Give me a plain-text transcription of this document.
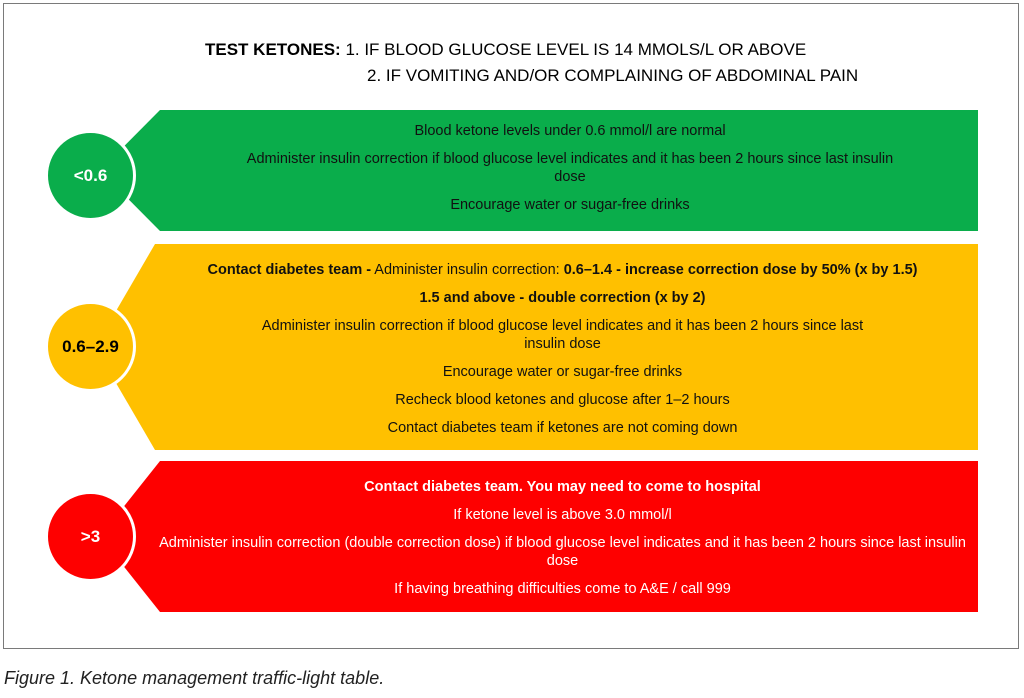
TEST KETONES: 1. IF BLOOD GLUCOSE LEVEL IS 14 MMOLS/L OR ABOVE
2. IF VOMITING AND/OR COMPLAINING OF ABDOMINAL PAIN
<0.6

Blood ketone levels under 0.6 mmol/l are normal

Administer insulin correction if blood glucose level indicates and it has been 2 hours since last insulin dose

Encourage water or sugar-free drinks

0.6–2.9

Contact diabetes team - Administer insulin correction: 0.6–1.4 - increase correction dose by 50% (x by 1.5)

1.5 and above - double correction (x by 2)

Administer insulin correction if blood glucose level indicates and it has been 2 hours since last insulin dose

Encourage water or sugar-free drinks

Recheck blood ketones and glucose after 1–2 hours

Contact diabetes team if ketones are not coming down

>3

Contact diabetes team. You may need to come to hospital

If ketone level is above 3.0 mmol/l

Administer insulin correction (double correction dose) if blood glucose level indicates and it has been 2 hours since last insulin dose

If having breathing difficulties come to A&E / call 999

Figure 1. Ketone management traffic-light table.
